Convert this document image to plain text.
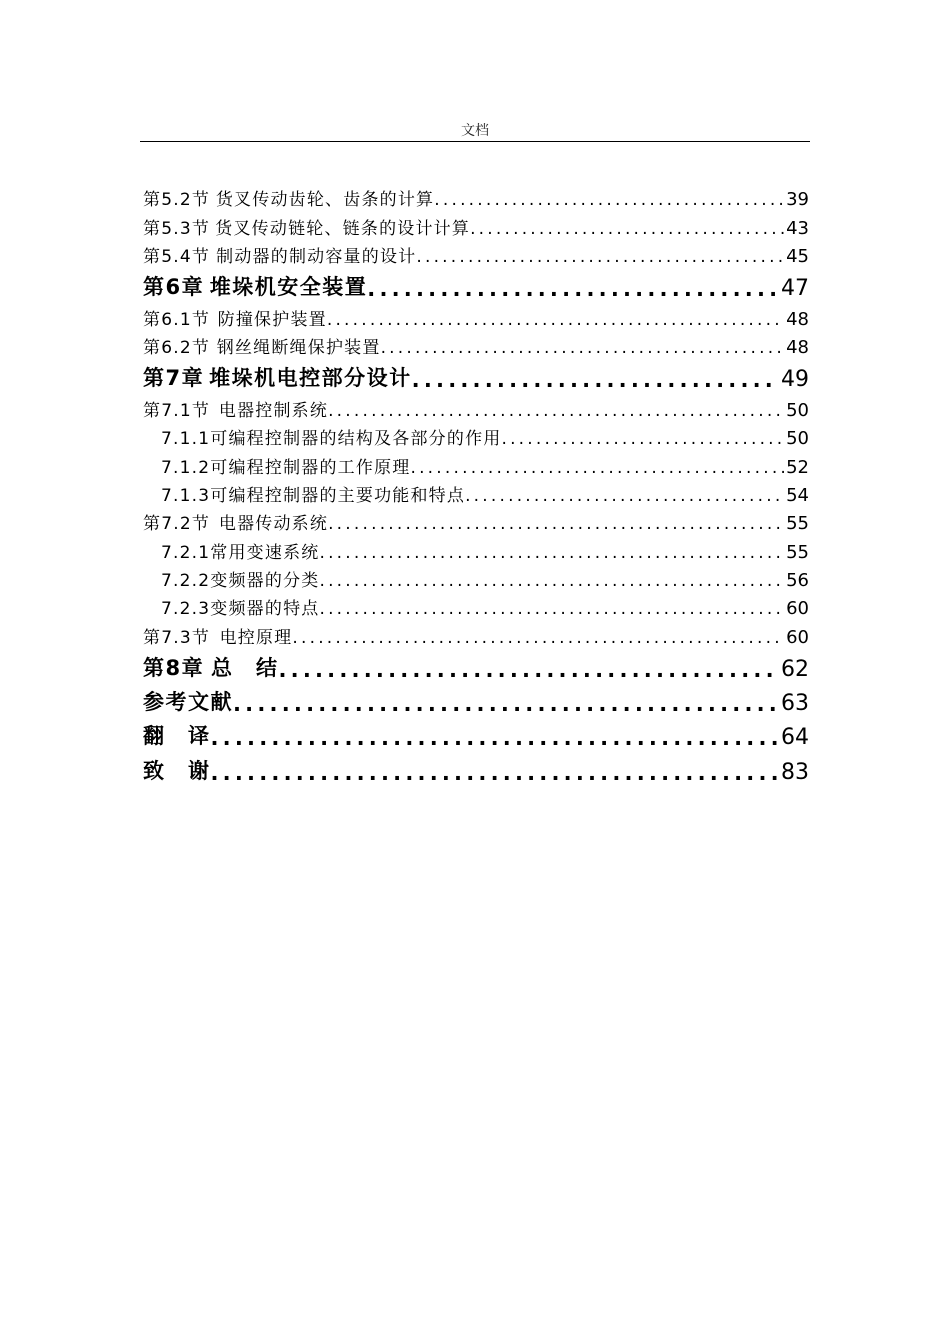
文档
第5.2节 货叉传动齿轮、齿条的计算 .....	39
第5.3节 货叉传动链轮、链条的设计计算 .....	43
第5.4节 制动器的制动容量的设计 .....	45
第6章 堆垛机安全装置 .....	47
第6.1节 防撞保护装置 .....	48
第6.2节 钢丝绳断绳保护装置 .....	48
第7章 堆垛机电控部分设计 .....	49
第7.1节 电器控制系统 .....	50
7.1.1 可编程控制器的结构及各部分的作用 .....	50
7.1.2 可编程控制器的工作原理 .....	52
7.1.3 可编程控制器的主要功能和特点 .....	54
第7.2节 电器传动系统 .....	55
7.2.1 常用变速系统 .....	55
7.2.2 变频器的分类 .....	56
7.2.3 变频器的特点 .....	60
第7.3节 电控原理 .....	60
第8章 总　结 .....	62
参考文献 .....	63
翻　译 .....	64
致　谢 .....	83
